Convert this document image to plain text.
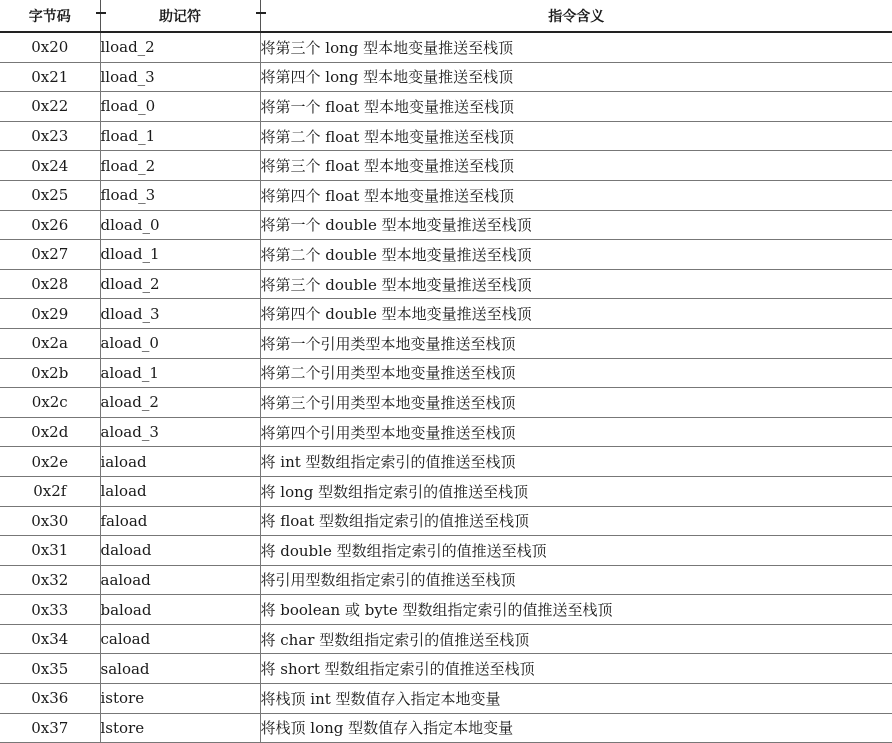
字节码	助记符	指令含义
0x20	lload_2	将第三个 long 型本地变量推送至栈顶
0x21	lload_3	将第四个 long 型本地变量推送至栈顶
0x22	fload_0	将第一个 float 型本地变量推送至栈顶
0x23	fload_1	将第二个 float 型本地变量推送至栈顶
0x24	fload_2	将第三个 float 型本地变量推送至栈顶
0x25	fload_3	将第四个 float 型本地变量推送至栈顶
0x26	dload_0	将第一个 double 型本地变量推送至栈顶
0x27	dload_1	将第二个 double 型本地变量推送至栈顶
0x28	dload_2	将第三个 double 型本地变量推送至栈顶
0x29	dload_3	将第四个 double 型本地变量推送至栈顶
0x2a	aload_0	将第一个引用类型本地变量推送至栈顶
0x2b	aload_1	将第二个引用类型本地变量推送至栈顶
0x2c	aload_2	将第三个引用类型本地变量推送至栈顶
0x2d	aload_3	将第四个引用类型本地变量推送至栈顶
0x2e	iaload	将 int 型数组指定索引的值推送至栈顶
0x2f	laload	将 long 型数组指定索引的值推送至栈顶
0x30	faload	将 float 型数组指定索引的值推送至栈顶
0x31	daload	将 double 型数组指定索引的值推送至栈顶
0x32	aaload	将引用型数组指定索引的值推送至栈顶
0x33	baload	将 boolean 或 byte 型数组指定索引的值推送至栈顶
0x34	caload	将 char 型数组指定索引的值推送至栈顶
0x35	saload	将 short 型数组指定索引的值推送至栈顶
0x36	istore	将栈顶 int 型数值存入指定本地变量
0x37	lstore	将栈顶 long 型数值存入指定本地变量
